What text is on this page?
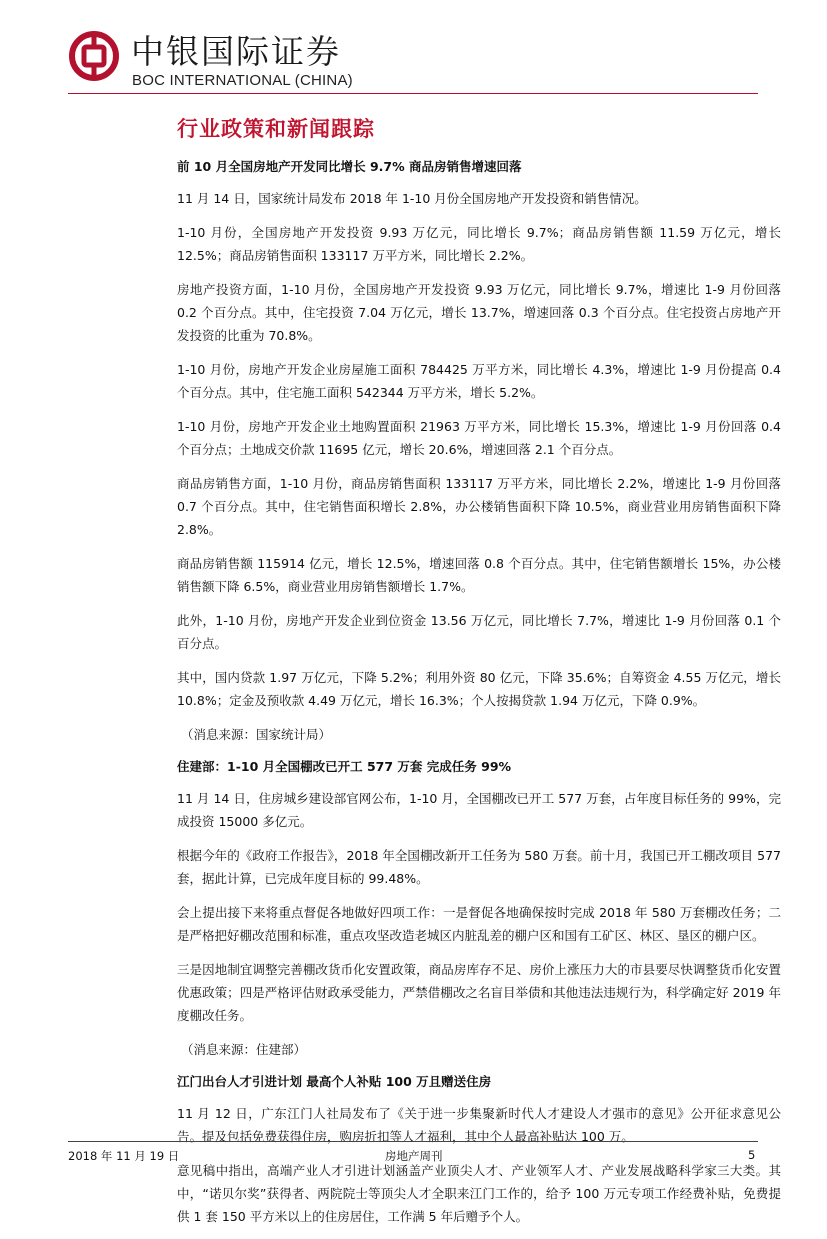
中银国际证券
BOC INTERNATIONAL (CHINA)
行业政策和新闻跟踪
前 10 月全国房地产开发同比增长 9.7% 商品房销售增速回落

11 月 14 日，国家统计局发布 2018 年 1-10 月份全国房地产开发投资和销售情况。

1-10 月份，全国房地产开发投资 9.93 万亿元，同比增长 9.7%；商品房销售额 11.59 万亿元，增长 12.5%；商品房销售面积 133117 万平方米，同比增长 2.2%。

房地产投资方面，1-10 月份，全国房地产开发投资 9.93 万亿元，同比增长 9.7%，增速比 1-9 月份回落 0.2 个百分点。其中，住宅投资 7.04 万亿元，增长 13.7%，增速回落 0.3 个百分点。住宅投资占房地产开发投资的比重为 70.8%。

1-10 月份，房地产开发企业房屋施工面积 784425 万平方米，同比增长 4.3%，增速比 1-9 月份提高 0.4 个百分点。其中，住宅施工面积 542344 万平方米，增长 5.2%。

1-10 月份，房地产开发企业土地购置面积 21963 万平方米，同比增长 15.3%，增速比 1-9 月份回落 0.4 个百分点；土地成交价款 11695 亿元，增长 20.6%，增速回落 2.1 个百分点。

商品房销售方面，1-10 月份，商品房销售面积 133117 万平方米，同比增长 2.2%，增速比 1-9 月份回落 0.7 个百分点。其中，住宅销售面积增长 2.8%，办公楼销售面积下降 10.5%，商业营业用房销售面积下降 2.8%。

商品房销售额 115914 亿元，增长 12.5%，增速回落 0.8 个百分点。其中，住宅销售额增长 15%，办公楼销售额下降 6.5%，商业营业用房销售额增长 1.7%。

此外，1-10 月份，房地产开发企业到位资金 13.56 万亿元，同比增长 7.7%，增速比 1-9 月份回落 0.1 个百分点。

其中，国内贷款 1.97 万亿元，下降 5.2%；利用外资 80 亿元，下降 35.6%；自筹资金 4.55 万亿元，增长 10.8%；定金及预收款 4.49 万亿元，增长 16.3%；个人按揭贷款 1.94 万亿元，下降 0.9%。

（消息来源：国家统计局）

住建部：1-10 月全国棚改已开工 577 万套 完成任务 99%

11 月 14 日，住房城乡建设部官网公布，1-10 月，全国棚改已开工 577 万套，占年度目标任务的 99%，完成投资 15000 多亿元。

根据今年的《政府工作报告》，2018 年全国棚改新开工任务为 580 万套。前十月，我国已开工棚改项目 577 套，据此计算，已完成年度目标的 99.48%。

会上提出接下来将重点督促各地做好四项工作：一是督促各地确保按时完成 2018 年 580 万套棚改任务；二是严格把好棚改范围和标准，重点攻坚改造老城区内脏乱差的棚户区和国有工矿区、林区、垦区的棚户区。

三是因地制宜调整完善棚改货币化安置政策，商品房库存不足、房价上涨压力大的市县要尽快调整货币化安置优惠政策；四是严格评估财政承受能力，严禁借棚改之名盲目举债和其他违法违规行为，科学确定好 2019 年度棚改任务。

（消息来源：住建部）

江门出台人才引进计划 最高个人补贴 100 万且赠送住房

11 月 12 日，广东江门人社局发布了《关于进一步集聚新时代人才建设人才强市的意见》公开征求意见公告。提及包括免费获得住房，购房折扣等人才福利，其中个人最高补贴达 100 万。

意见稿中指出，高端产业人才引进计划涵盖产业顶尖人才、产业领军人才、产业发展战略科学家三大类。其中，“诺贝尔奖”获得者、两院院士等顶尖人才全职来江门工作的，给予 100 万元专项工作经费补贴，免费提供 1 套 150 平方米以上的住房居住，工作满 5 年后赠予个人。

2018 年 11 月 19 日	房地产周刊	5
